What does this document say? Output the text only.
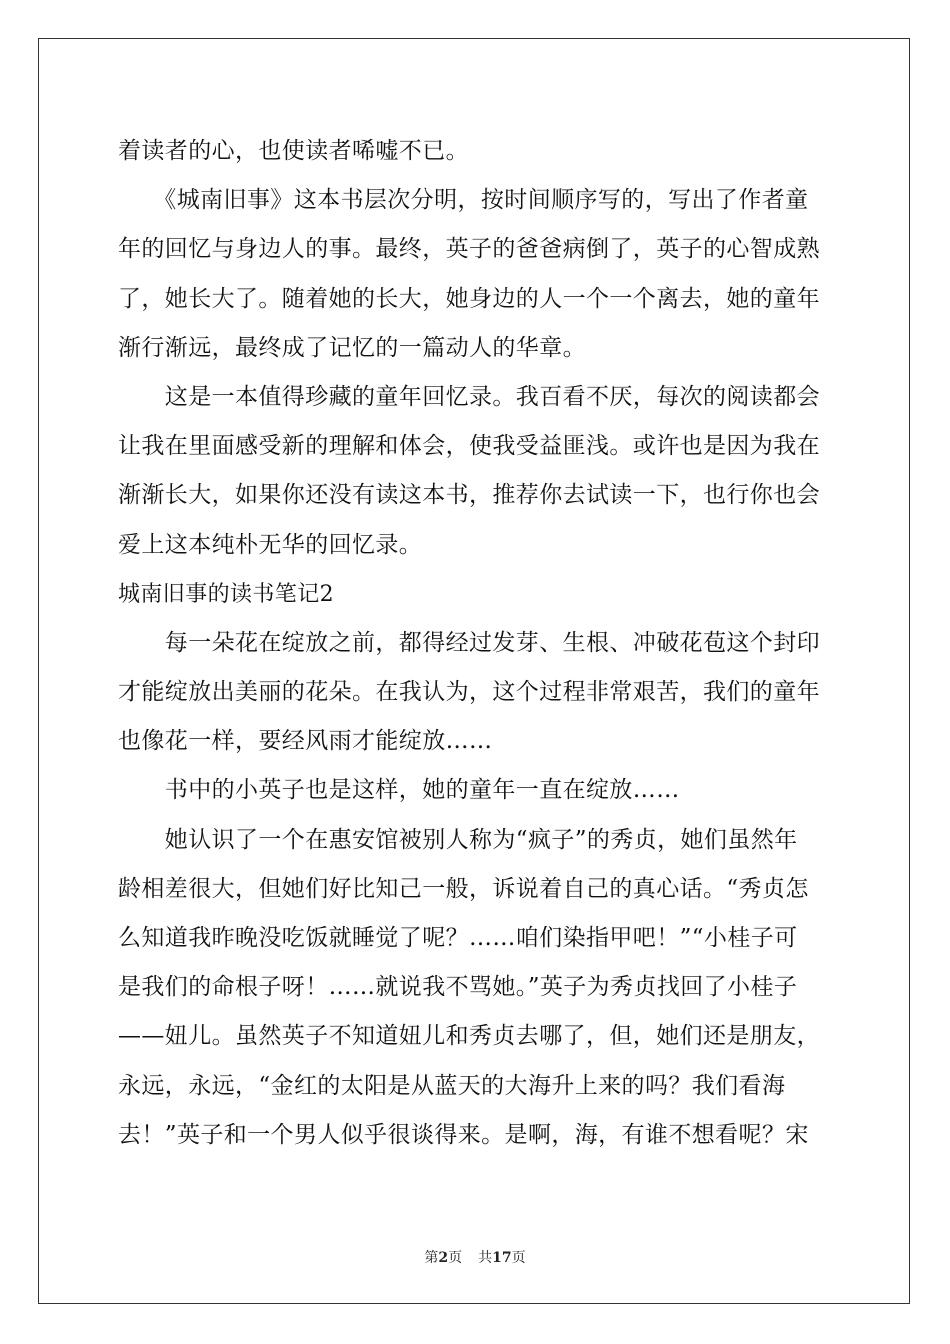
着读者的心，也使读者唏嘘不已。
　　《城南旧事》这本书层次分明，按时间顺序写的，写出了作者童
年的回忆与身边人的事。最终，英子的爸爸病倒了，英子的心智成熟
了，她长大了。随着她的长大，她身边的人一个一个离去，她的童年
渐行渐远，最终成了记忆的一篇动人的华章。
　　这是一本值得珍藏的童年回忆录。我百看不厌，每次的阅读都会
让我在里面感受新的理解和体会，使我受益匪浅。或许也是因为我在
渐渐长大，如果你还没有读这本书，推荐你去试读一下，也行你也会
爱上这本纯朴无华的回忆录。
城南旧事的读书笔记2
　　每一朵花在绽放之前，都得经过发芽、生根、冲破花苞这个封印
才能绽放出美丽的花朵。在我认为，这个过程非常艰苦，我们的童年
也像花一样，要经风雨才能绽放……
　　书中的小英子也是这样，她的童年一直在绽放……
　　她认识了一个在惠安馆被别人称为“疯子”的秀贞，她们虽然年
龄相差很大，但她们好比知己一般，诉说着自己的真心话。“秀贞怎
么知道我昨晚没吃饭就睡觉了呢？……咱们染指甲吧！”“小桂子可
是我们的命根子呀！……就说我不骂她。”英子为秀贞找回了小桂子
——妞儿。虽然英子不知道妞儿和秀贞去哪了，但，她们还是朋友，
永远，永远，“金红的太阳是从蓝天的大海升上来的吗？我们看海
去！”英子和一个男人似乎很谈得来。是啊，海，有谁不想看呢？宋
第2页 共17页
